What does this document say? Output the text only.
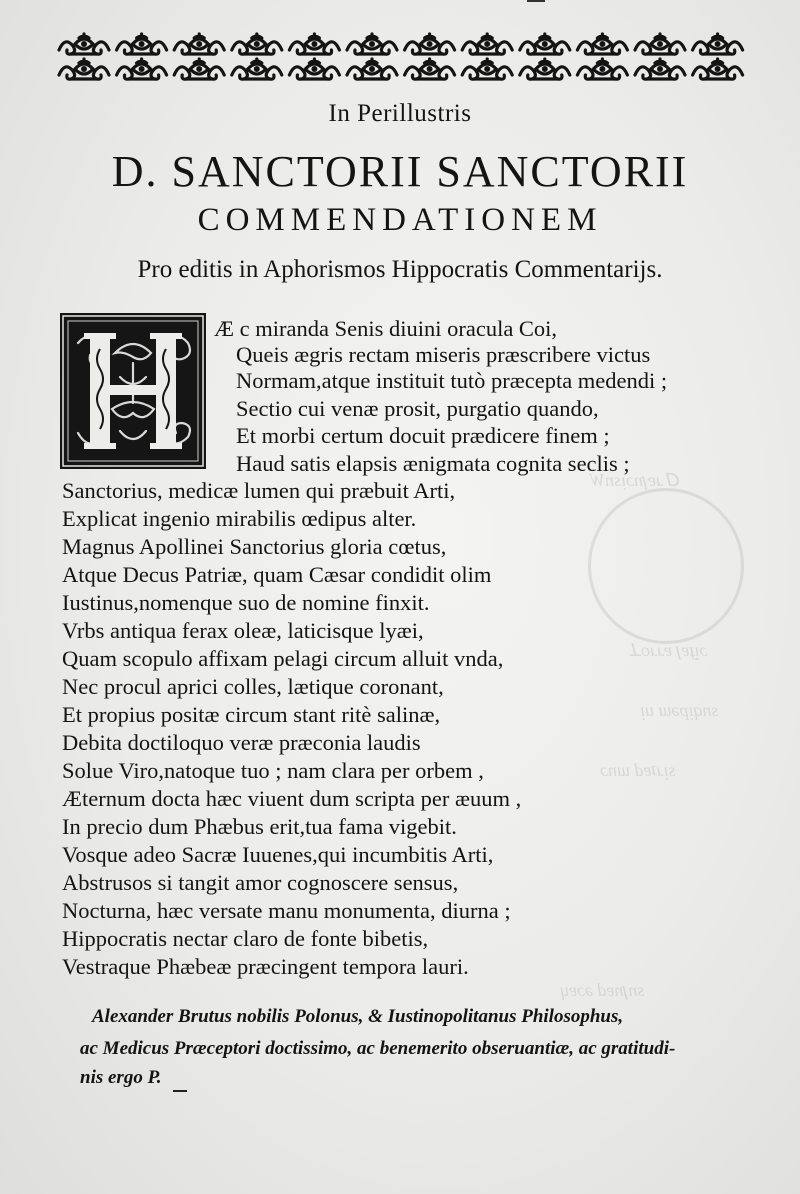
ᗡ ɹɐꞁnɔᴉsnW
ɔᴉɟɐꞁ ɐɹɹoꓕ
snqᴉpǝɯ uᴉ
sᴉɹʇɐd ɯnɔ
snꞁnɐd ǝɔɐɥ
In Perillustris
D. SANCTORII SANCTORII
COMMENDATIONEM
Pro editis in Aphorismos Hippocratis Commentarijs.
Æ c miranda Senis diuini oracula Coi,
Queis ægris rectam miseris præscribere victus
Normam,atque instituit tutò præcepta medendi ;
Sectio cui venæ prosit, purgatio quando,
Et morbi certum docuit prædicere finem ;
Haud satis elapsis ænigmata cognita seclis ;
Sanctorius, medicæ lumen qui præbuit Arti,
Explicat ingenio mirabilis œdipus alter.
Magnus Apollinei Sanctorius gloria cœtus,
Atque Decus Patriæ, quam Cæsar condidit olim
Iustinus,nomenque suo de nomine finxit.
Vrbs antiqua ferax oleæ, laticisque lyæi,
Quam scopulo affixam pelagi circum alluit vnda,
Nec procul aprici colles, lætique coronant,
Et propius positæ circum stant ritè salinæ,
Debita doctiloquo veræ præconia laudis
Solue Viro,natoque tuo ; nam clara per orbem ,
Æternum docta hæc viuent dum scripta per æuum ,
In precio dum Phæbus erit,tua fama vigebit.
Vosque adeo Sacræ Iuuenes,qui incumbitis Arti,
Abstrusos si tangit amor cognoscere sensus,
Nocturna, hæc versate manu monumenta, diurna ;
Hippocratis nectar claro de fonte bibetis,
Vestraque Phæbeæ præcingent tempora lauri.
Alexander Brutus nobilis Polonus, & Iustinopolitanus Philosophus,
ac Medicus Præceptori doctissimo, ac benemerito obseruantiæ, ac gratitudi-
nis ergo P.
